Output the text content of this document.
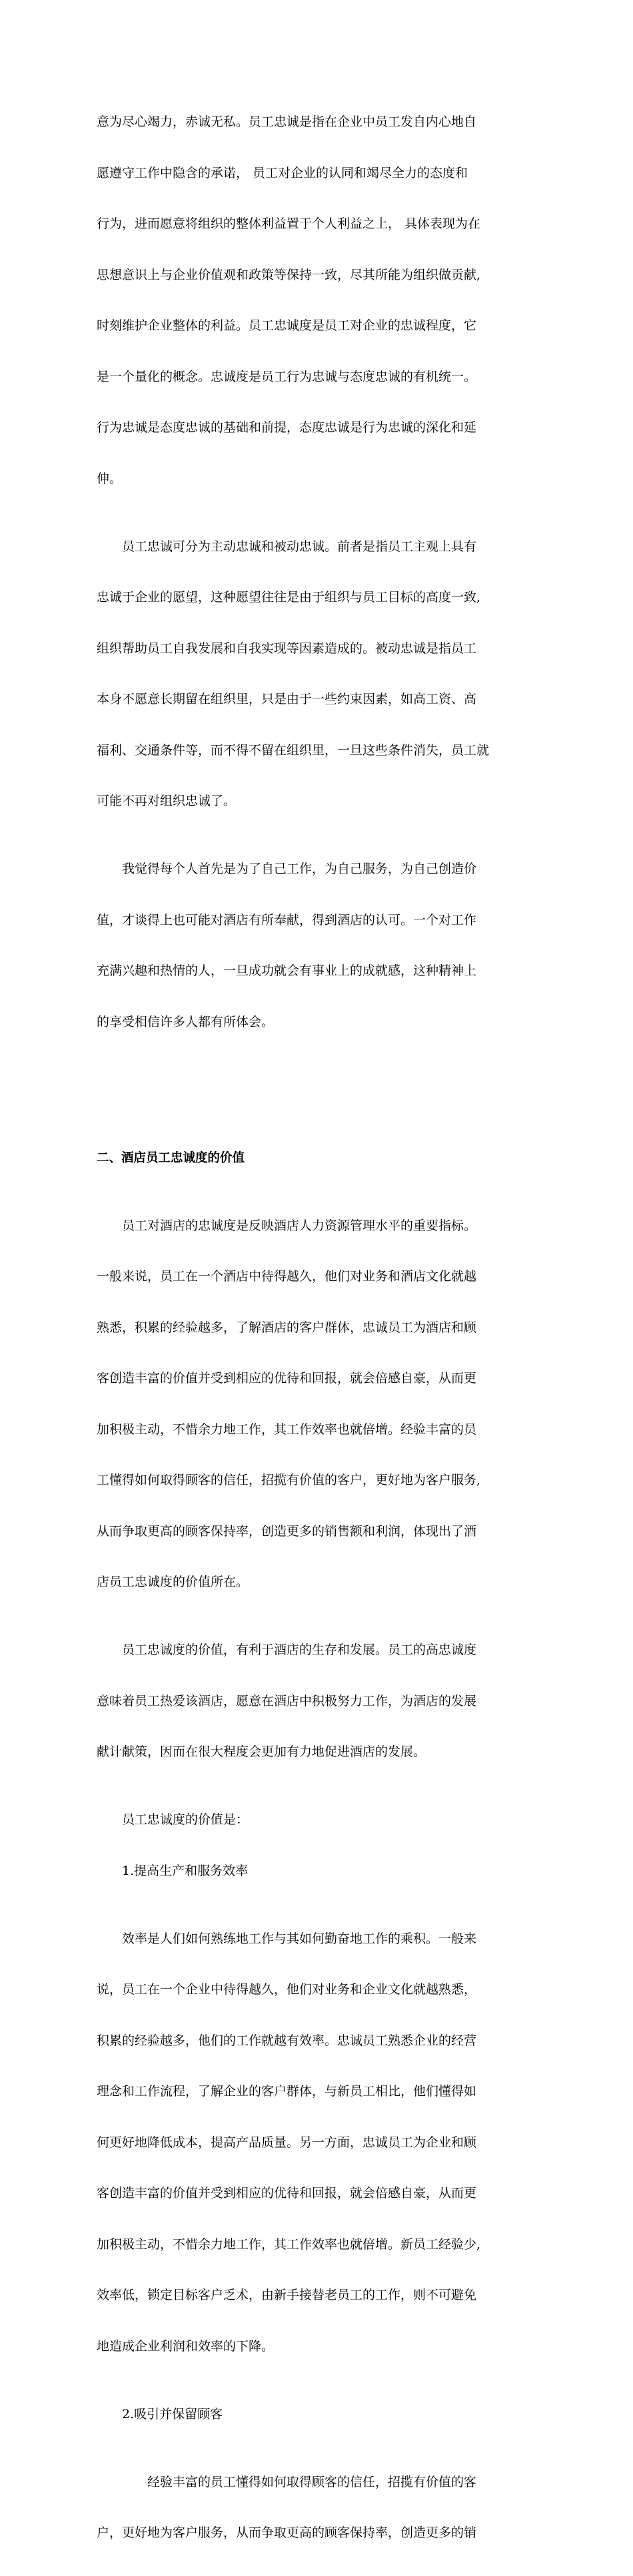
意为尽心竭力，赤诚无私。员工忠诚是指在企业中员工发自内心地自

愿遵守工作中隐含的承诺， 员工对企业的认同和竭尽全力的态度和

行为，进而愿意将组织的整体利益置于个人利益之上， 具体表现为在

思想意识上与企业价值观和政策等保持一致，尽其所能为组织做贡献,

时刻维护企业整体的利益。员工忠诚度是员工对企业的忠诚程度，它

是一个量化的概念。忠诚度是员工行为忠诚与态度忠诚的有机统一。

行为忠诚是态度忠诚的基础和前提，态度忠诚是行为忠诚的深化和延

伸。

员工忠诚可分为主动忠诚和被动忠诚。前者是指员工主观上具有

忠诚于企业的愿望，这种愿望往往是由于组织与员工目标的高度一致,

组织帮助员工自我发展和自我实现等因素造成的。被动忠诚是指员工

本身不愿意长期留在组织里，只是由于一些约束因素，如高工资、高

福利、交通条件等，而不得不留在组织里，一旦这些条件消失，员工就

可能不再对组织忠诚了。

我觉得每个人首先是为了自己工作，为自己服务，为自己创造价

值，才谈得上也可能对酒店有所奉献，得到酒店的认可。一个对工作

充满兴趣和热情的人，一旦成功就会有事业上的成就感，这种精神上

的享受相信许多人都有所体会。

二、酒店员工忠诚度的价值

员工对酒店的忠诚度是反映酒店人力资源管理水平的重要指标。

一般来说，员工在一个酒店中待得越久，他们对业务和酒店文化就越

熟悉，积累的经验越多，了解酒店的客户群体，忠诚员工为酒店和顾

客创造丰富的价值并受到相应的优待和回报，就会倍感自豪，从而更

加积极主动，不惜余力地工作，其工作效率也就倍增。经验丰富的员

工懂得如何取得顾客的信任，招揽有价值的客户，更好地为客户服务,

从而争取更高的顾客保持率，创造更多的销售额和利润，体现出了酒

店员工忠诚度的价值所在。

员工忠诚度的价值，有利于酒店的生存和发展。员工的高忠诚度

意味着员工热爱该酒店，愿意在酒店中积极努力工作，为酒店的发展

献计献策，因而在很大程度会更加有力地促进酒店的发展。

员工忠诚度的价值是：

1.提高生产和服务效率

效率是人们如何熟练地工作与其如何勤奋地工作的乘积。一般来

说，员工在一个企业中待得越久，他们对业务和企业文化就越熟悉，

积累的经验越多，他们的工作就越有效率。忠诚员工熟悉企业的经营

理念和工作流程，了解企业的客户群体，与新员工相比，他们懂得如

何更好地降低成本，提高产品质量。另一方面，忠诚员工为企业和顾

客创造丰富的价值并受到相应的优待和回报，就会倍感自豪，从而更

加积极主动，不惜余力地工作，其工作效率也就倍增。新员工经验少,

效率低，锁定目标客户乏术，由新手接替老员工的工作，则不可避免

地造成企业利润和效率的下降。

2.吸引并保留顾客

经验丰富的员工懂得如何取得顾客的信任，招揽有价值的客

户，更好地为客户服务，从而争取更高的顾客保持率，创造更多的销
